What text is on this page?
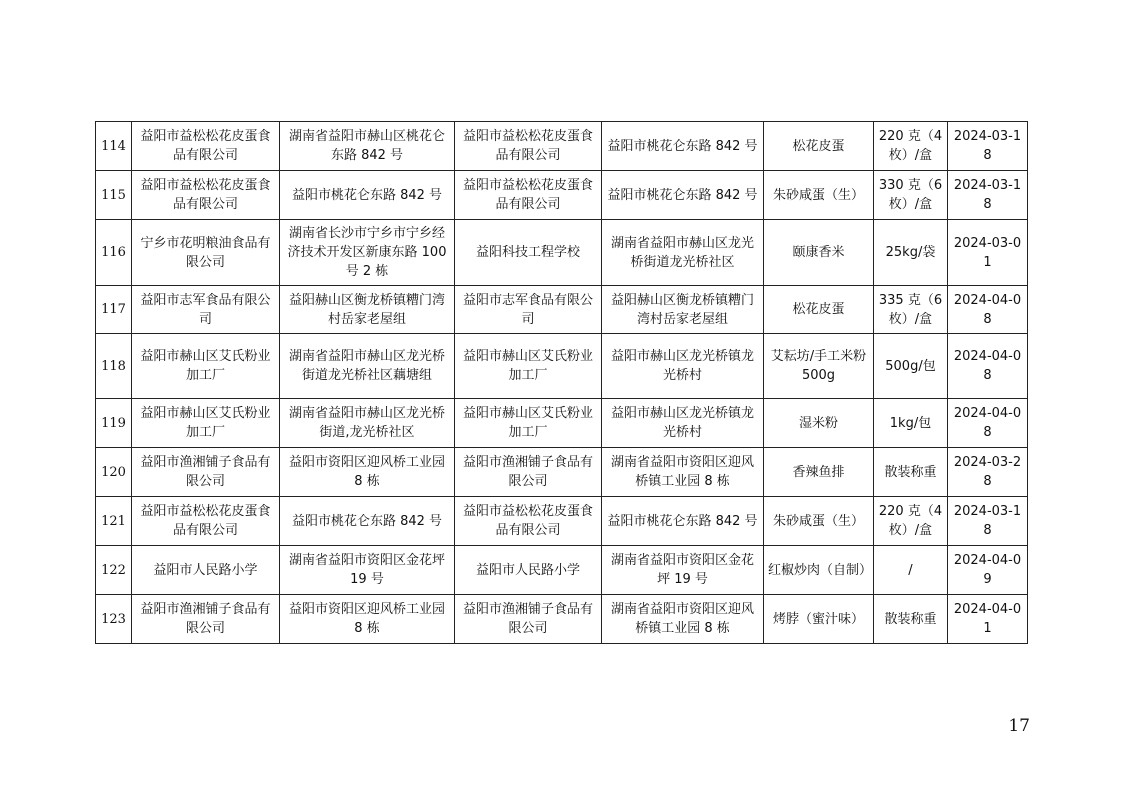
114	益阳市益松松花皮蛋食品有限公司	湖南省益阳市赫山区桃花仑东路 842 号	益阳市益松松花皮蛋食品有限公司	益阳市桃花仑东路 842 号	松花皮蛋	220 克（4 枚）/盒	2024-03-18
115	益阳市益松松花皮蛋食品有限公司	益阳市桃花仑东路 842 号	益阳市益松松花皮蛋食品有限公司	益阳市桃花仑东路 842 号	朱砂咸蛋（生）	330 克（6 枚）/盒	2024-03-18
116	宁乡市花明粮油食品有限公司	湖南省长沙市宁乡市宁乡经济技术开发区新康东路 100 号 2 栋	益阳科技工程学校	湖南省益阳市赫山区龙光桥街道龙光桥社区	颐康香米	25kg/袋	2024-03-01
117	益阳市志军食品有限公司	益阳赫山区衡龙桥镇糟门湾村岳家老屋组	益阳市志军食品有限公司	益阳赫山区衡龙桥镇糟门湾村岳家老屋组	松花皮蛋	335 克（6 枚）/盒	2024-04-08
118	益阳市赫山区艾氏粉业加工厂	湖南省益阳市赫山区龙光桥街道龙光桥社区藕塘组	益阳市赫山区艾氏粉业加工厂	益阳市赫山区龙光桥镇龙光桥村	艾耘坊/手工米粉 500g	500g/包	2024-04-08
119	益阳市赫山区艾氏粉业加工厂	湖南省益阳市赫山区龙光桥街道,龙光桥社区	益阳市赫山区艾氏粉业加工厂	益阳市赫山区龙光桥镇龙光桥村	湿米粉	1kg/包	2024-04-08
120	益阳市渔湘铺子食品有限公司	益阳市资阳区迎风桥工业园 8 栋	益阳市渔湘铺子食品有限公司	湖南省益阳市资阳区迎风桥镇工业园 8 栋	香辣鱼排	散装称重	2024-03-28
121	益阳市益松松花皮蛋食品有限公司	益阳市桃花仑东路 842 号	益阳市益松松花皮蛋食品有限公司	益阳市桃花仑东路 842 号	朱砂咸蛋（生）	220 克（4 枚）/盒	2024-03-18
122	益阳市人民路小学	湖南省益阳市资阳区金花坪 19 号	益阳市人民路小学	湖南省益阳市资阳区金花坪 19 号	红椒炒肉（自制）	/	2024-04-09
123	益阳市渔湘铺子食品有限公司	益阳市资阳区迎风桥工业园 8 栋	益阳市渔湘铺子食品有限公司	湖南省益阳市资阳区迎风桥镇工业园 8 栋	烤脖（蜜汁味）	散装称重	2024-04-01
17
